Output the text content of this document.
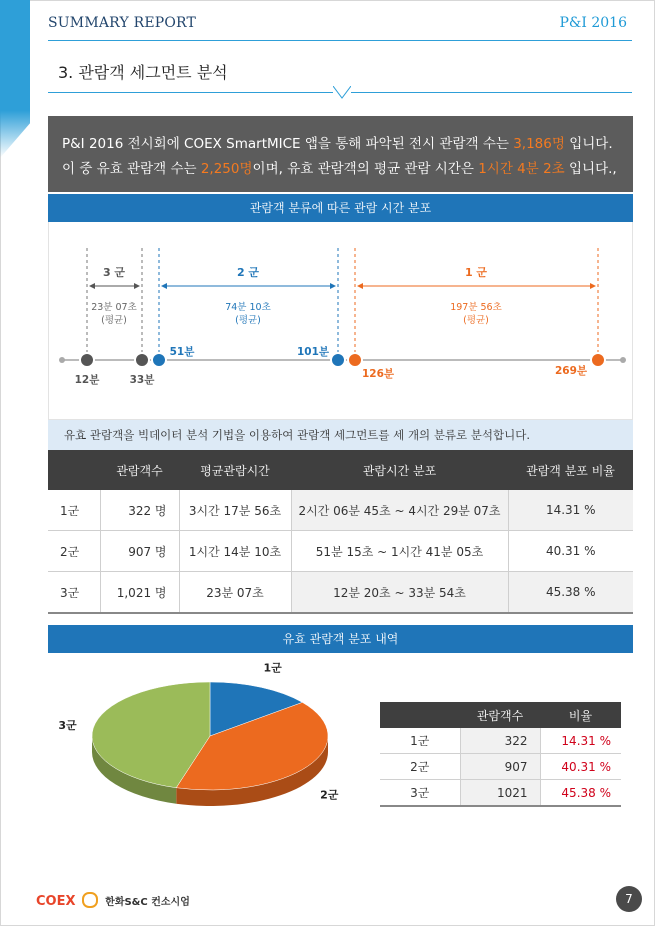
SUMMARY REPORT	P&I 2016
3. 관람객 세그먼트 분석
P&I 2016 전시회에 COEX SmartMICE 앱을 통해 파악된 전시 관람객 수는 3,186명 입니다.
이 중 유효 관람객 수는 2,250명이며, 유효 관람객의 평균 관람 시간은 1시간 4분 2초 입니다.,
관람객 분류에 따른 관람 시간 분포
3 군	2 군	1 군
23분 07초
(평균)
74분 10초
(평균)
197분 56초
(평균)
12분	33분
51분	101분
126분	269분
유효 관람객을 빅데이터 분석 기법을 이용하여 관람객 세그먼트를 세 개의 분류로 분석합니다.
	관람객수	평균관람시간	관람시간 분포	관람객 분포 비율
1군	322 명	3시간 17분 56초	2시간 06분 45초 ~ 4시간 29분 07초	14.31 %
2군	907 명	1시간 14분 10초	51분 15초 ~ 1시간 41분 05초	40.31 %
3군	1,021 명	23분 07초	12분 20초 ~ 33분 54초	45.38 %
유효 관람객 분포 내역
1군
2군
3군
	관람객수	비율
1군	322	14.31 %
2군	907	40.31 %
3군	1021	45.38 %
COEX	한화S&C 컨소시엄	7
